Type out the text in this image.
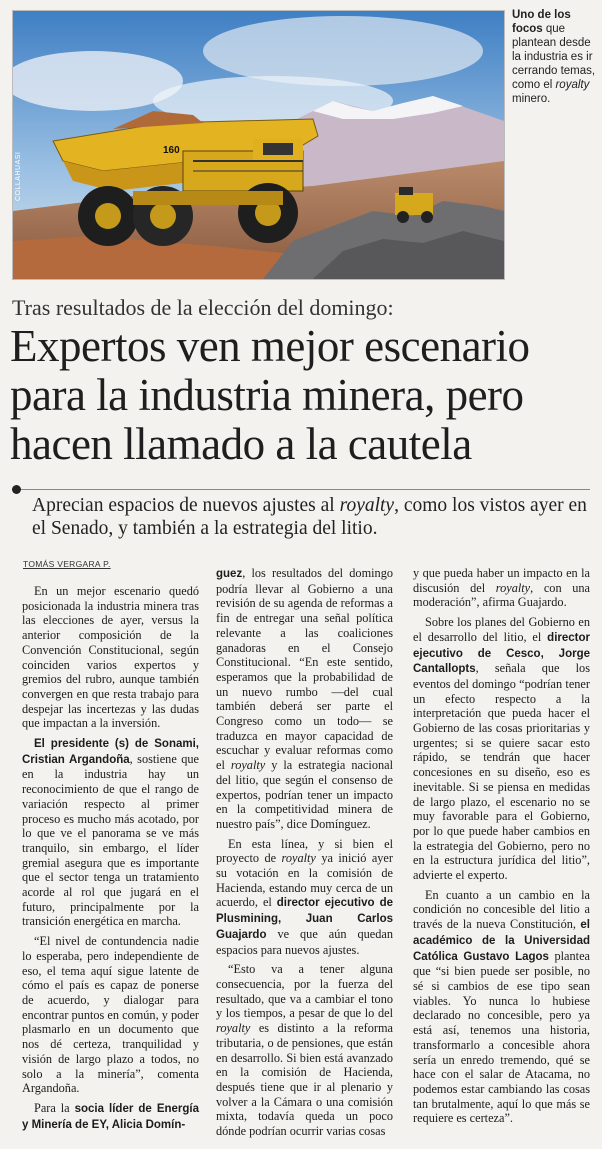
160
COLLAHUASI
Uno de los focos que plantean desde la industria es ir cerrando temas, como el royalty minero.
Tras resultados de la elección del domingo:
Expertos ven mejor escenario para la industria minera, pero hacen llamado a la cautela
Aprecian espacios de nuevos ajustes al royalty, como los vistos ayer en el Senado, y también a la estrategia del litio.
TOMÁS VERGARA P.

En un mejor escenario quedó posicionada la industria minera tras las elecciones de ayer, versus la anterior composición de la Convención Constitucional, según coinciden varios expertos y gremios del rubro, aunque también convergen en que resta trabajo para despejar las incertezas y las dudas que impactan a la inversión.

El presidente (s) de Sonami, Cristian Argandoña, sostiene que en la industria hay un reconocimiento de que el rango de variación respecto al primer proceso es mucho más acotado, por lo que ve el panorama se ve más tranquilo, sin embargo, el líder gremial asegura que es importante que el sector tenga un tratamiento acorde al rol que jugará en el futuro, principalmente por la transición energética en marcha.

“El nivel de contundencia nadie lo esperaba, pero independiente de eso, el tema aquí sigue latente de cómo el país es capaz de ponerse de acuerdo, y dialogar para encontrar puntos en común, y poder plasmarlo en un documento que nos dé certeza, tranquilidad y visión de largo plazo a todos, no solo a la minería”, comenta Argandoña.

Para la socia líder de Energía y Minería de EY, Alicia Domín-

guez, los resultados del domingo podría llevar al Gobierno a una revisión de su agenda de reformas a fin de entregar una señal política relevante a las coaliciones ganadoras en el Consejo Constitucional. “En este sentido, esperamos que la probabilidad de un nuevo rumbo —del cual también deberá ser parte el Congreso como un todo— se traduzca en mayor capacidad de escuchar y evaluar reformas como el royalty y la estrategia nacional del litio, que según el consenso de expertos, podrían tener un impacto en la competitividad minera de nuestro país”, dice Domínguez.

En esta línea, y si bien el proyecto de royalty ya inició ayer su votación en la comisión de Hacienda, estando muy cerca de un acuerdo, el director ejecutivo de Plusmining, Juan Carlos Guajardo ve que aún quedan espacios para nuevos ajustes.

“Esto va a tener alguna consecuencia, por la fuerza del resultado, que va a cambiar el tono y los tiempos, a pesar de que lo del royalty es distinto a la reforma tributaria, o de pensiones, que están en desarrollo. Si bien está avanzado en la comisión de Hacienda, después tiene que ir al plenario y volver a la Cámara o una comisión mixta, todavía queda un poco dónde podrían ocurrir varias cosas

y que pueda haber un impacto en la discusión del royalty, con una moderación”, afirma Guajardo.

Sobre los planes del Gobierno en el desarrollo del litio, el director ejecutivo de Cesco, Jorge Cantallopts, señala que los eventos del domingo “podrían tener un efecto respecto a la interpretación que pueda hacer el Gobierno de las cosas prioritarias y urgentes; si se quiere sacar esto rápido, se tendrán que hacer concesiones en su diseño, eso es inevitable. Si se piensa en medidas de largo plazo, el escenario no se muy favorable para el Gobierno, por lo que puede haber cambios en la estrategia del Gobierno, pero no en la estructura jurídica del litio”, advierte el experto.

En cuanto a un cambio en la condición no concesible del litio a través de la nueva Constitución, el académico de la Universidad Católica Gustavo Lagos plantea que “si bien puede ser posible, no sé si cambios de ese tipo sean viables. Yo nunca lo hubiese declarado no concesible, pero ya está así, tenemos una historia, transformarlo a concesible ahora sería un enredo tremendo, qué se hace con el salar de Atacama, no podemos estar cambiando las cosas tan brutalmente, aquí lo que más se requiere es certeza”.
